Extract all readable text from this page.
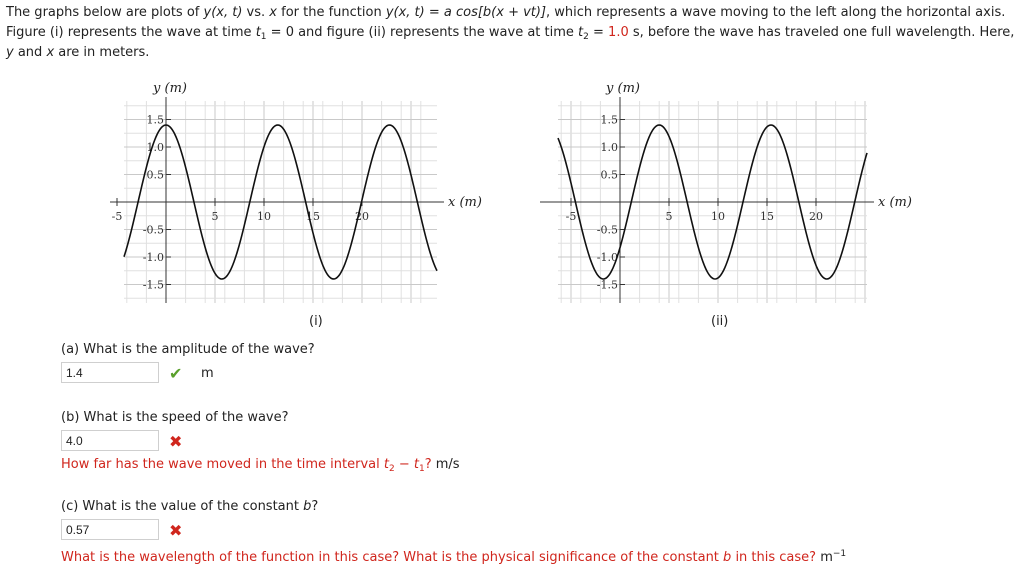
The graphs below are plots of y(x, t) vs. x for the function y(x, t) = a cos[b(x + vt)], which represents a wave moving to the left along the horizontal axis. Figure (i) represents the wave at time $t_1 = 0$ and figure (ii) represents the wave at time $t_2 = 1.0$ s, before the wave has traveled one full wavelength. Here, y and x are in meters.
1.5
1.0
0.5
-0.5
-1.0
-1.5
-5	5	10	15	20
y (m)
x (m)
(i)
1.5
1.0
0.5
-0.5
-1.0
-1.5
-5	5	10	15	20
y (m)
x (m)
(ii)
(a) What is the amplitude of the wave?
1.4
✔ m
(b) What is the speed of the wave?
4.0
✖
How far has the wave moved in the time interval $t_2 - t_1$? m/s
(c) What is the value of the constant b?
0.57
✖
What is the wavelength of the function in this case? What is the physical significance of the constant b in this case? $m^{-1}$
